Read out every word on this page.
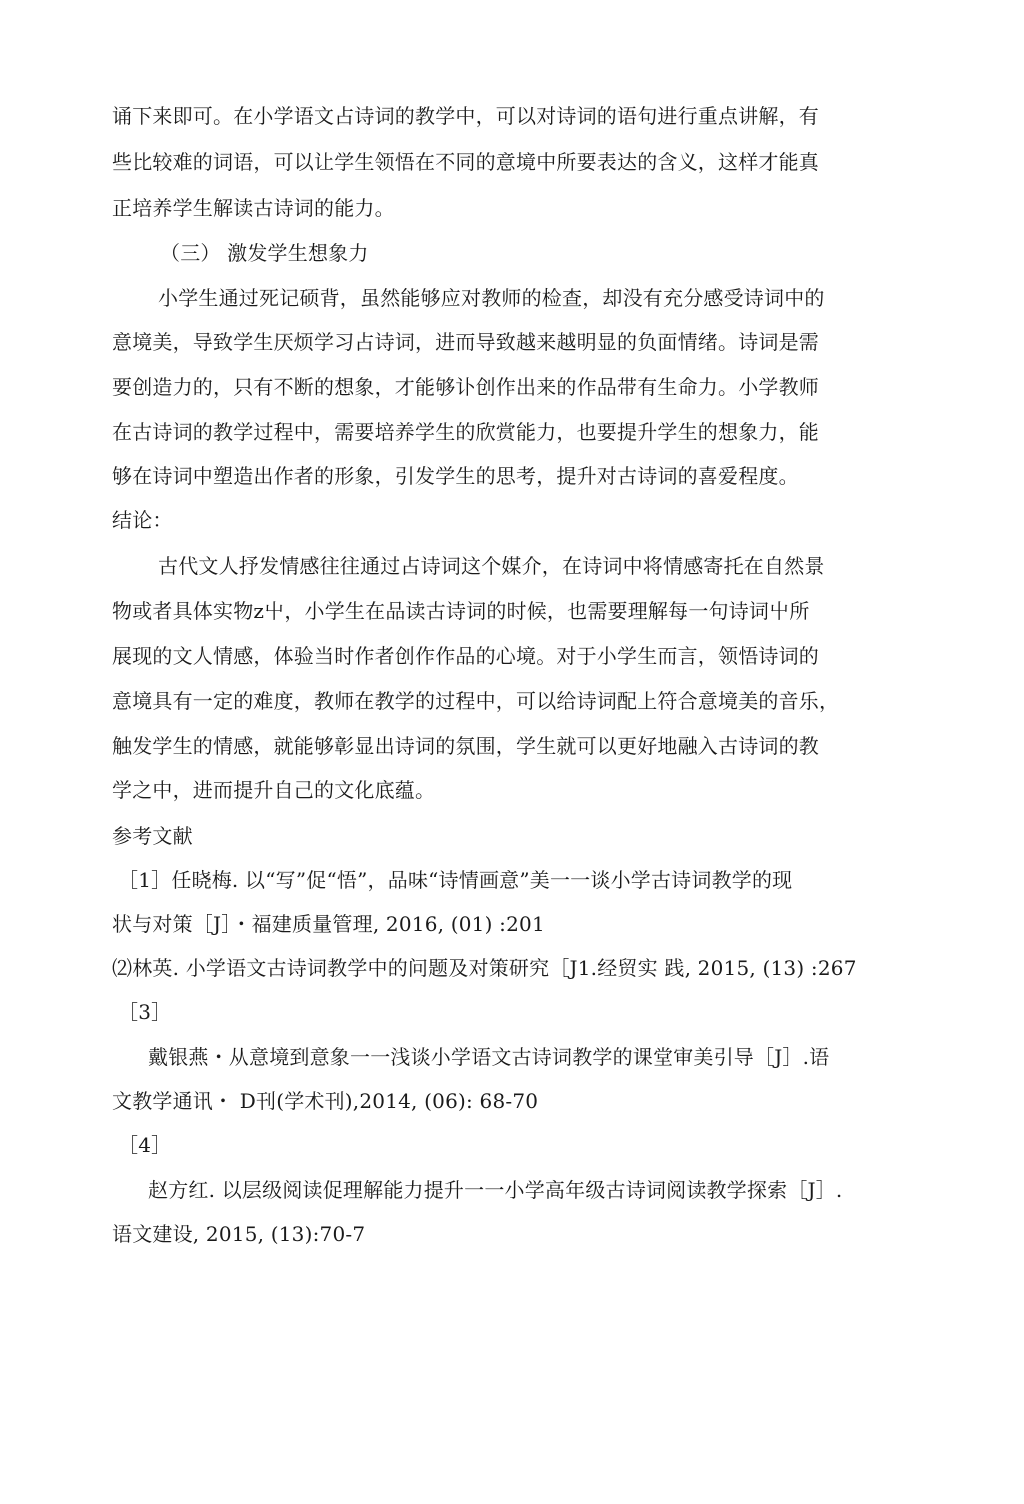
诵下来即可。在小学语文占诗词的教学中，可以对诗词的语句进行重点讲解，有
些比较难的词语，可以让学生领悟在不同的意境中所要表达的含义，这样才能真
正培养学生解读古诗词的能力。
（三） 激发学生想象力
小学生通过死记硕背，虽然能够应对教师的检查，却没有充分感受诗词中的
意境美，导致学生厌烦学习占诗词，进而导致越来越明显的负面情绪。诗词是需
要创造力的，只有不断的想象，才能够讣创作出来的作品带有生命力。小学教师
在古诗词的教学过程中，需要培养学生的欣赏能力，也要提升学生的想象力，能
够在诗词中塑造出作者的形象，引发学生的思考，提升对古诗词的喜爱程度。
结论：
古代文人抒发情感往往通过占诗词这个媒介，在诗词中将情感寄托在自然景
物或者具体实物z屮，小学生在品读古诗词的时候，也需要理解每一句诗词屮所
展现的文人情感，体验当时作者创作作品的心境。对于小学生而言，领悟诗词的
意境具有一定的难度，教师在教学的过程中，可以给诗词配上符合意境美的音乐，
触发学生的情感，就能够彰显出诗词的氛围，学生就可以更好地融入古诗词的教
学之中，进而提升自己的文化底蕴。
参考文献
［1］任晓梅. 以“写”促“悟”，品味“诗情画意”美一一谈小学古诗词教学的现
状与对策［J］・福建质量管理, 2016, (01) :201
⑵林英. 小学语文古诗词教学中的问题及对策研究［J1.经贸实 践, 2015, (13) :267
［3］
戴银燕・从意境到意象一一浅谈小学语文古诗词教学的课堂审美引导［J］.语
文教学通讯・ D刊(学术刊),2014, (06): 68-70
［4］
赵方红. 以层级阅读促理解能力提升一一小学高年级古诗词阅读教学探索［J］.
语文建设, 2015, (13):70-7
